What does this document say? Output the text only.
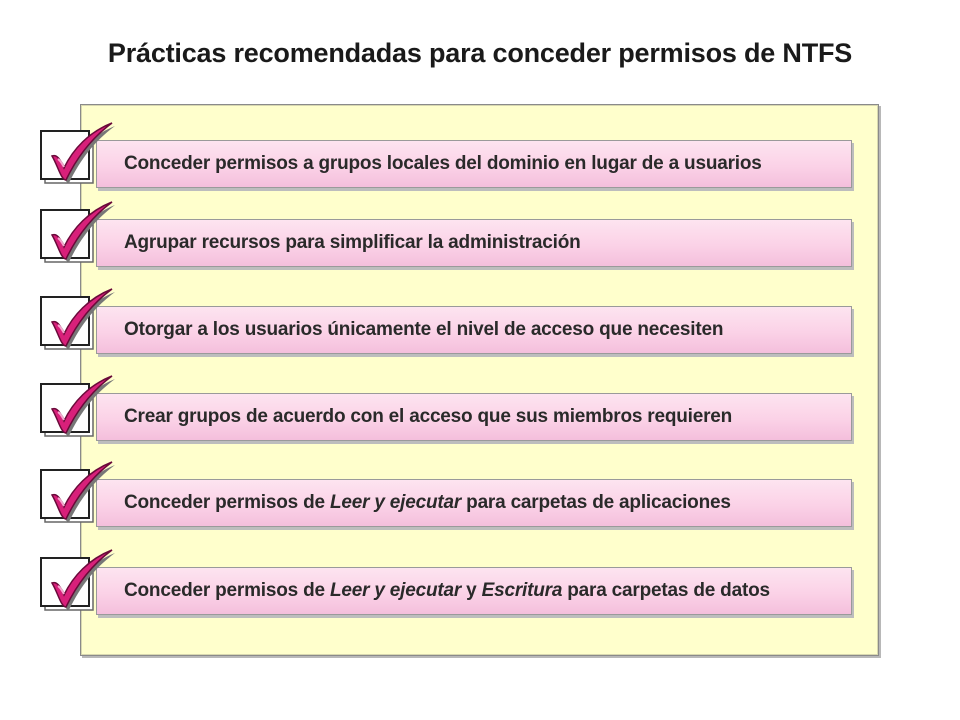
Prácticas recomendadas para conceder permisos de NTFS
Conceder permisos a grupos locales del dominio en lugar de a usuarios
Agrupar recursos para simplificar la administración
Otorgar a los usuarios únicamente el nivel de acceso que necesiten
Crear grupos de acuerdo con el acceso que sus miembros requieren
Conceder permisos de Leer y ejecutar para carpetas de aplicaciones
Conceder permisos de Leer y ejecutar y Escritura para carpetas de datos
